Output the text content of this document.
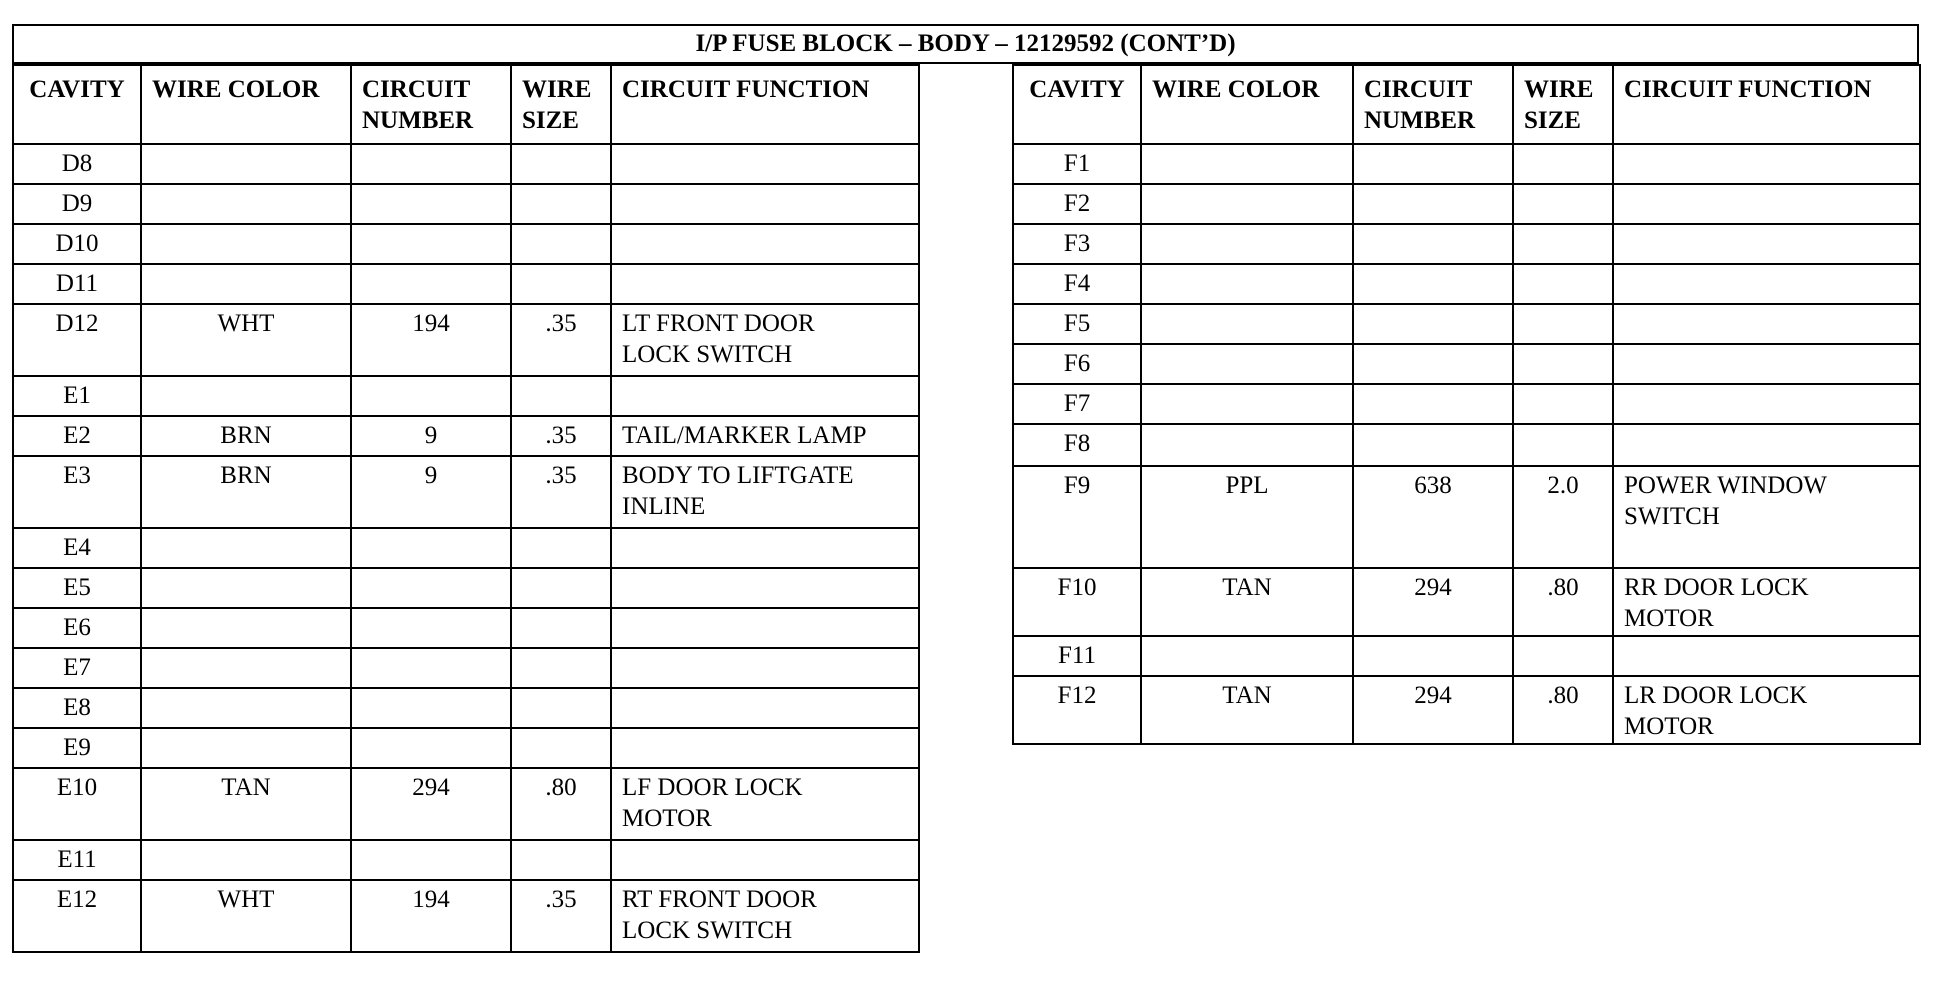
I/P FUSE BLOCK – BODY – 12129592 (CONT’D)
CAVITY	WIRE COLOR	CIRCUIT NUMBER	WIRE SIZE	CIRCUIT FUNCTION
D8				
D9				
D10				
D11				
D12	WHT	194	.35	LT FRONT DOOR
LOCK SWITCH
E1				
E2	BRN	9	.35	TAIL/MARKER LAMP
E3	BRN	9	.35	BODY TO LIFTGATE
INLINE
E4				
E5				
E6				
E7				
E8				
E9				
E10	TAN	294	.80	LF DOOR LOCK
MOTOR
E11				
E12	WHT	194	.35	RT FRONT DOOR
LOCK SWITCH
CAVITY	WIRE COLOR	CIRCUIT NUMBER	WIRE SIZE	CIRCUIT FUNCTION
F1				
F2				
F3				
F4				
F5				
F6				
F7				
F8				
F9	PPL	638	2.0	POWER WINDOW
SWITCH
F10	TAN	294	.80	RR DOOR LOCK
MOTOR
F11				
F12	TAN	294	.80	LR DOOR LOCK
MOTOR
